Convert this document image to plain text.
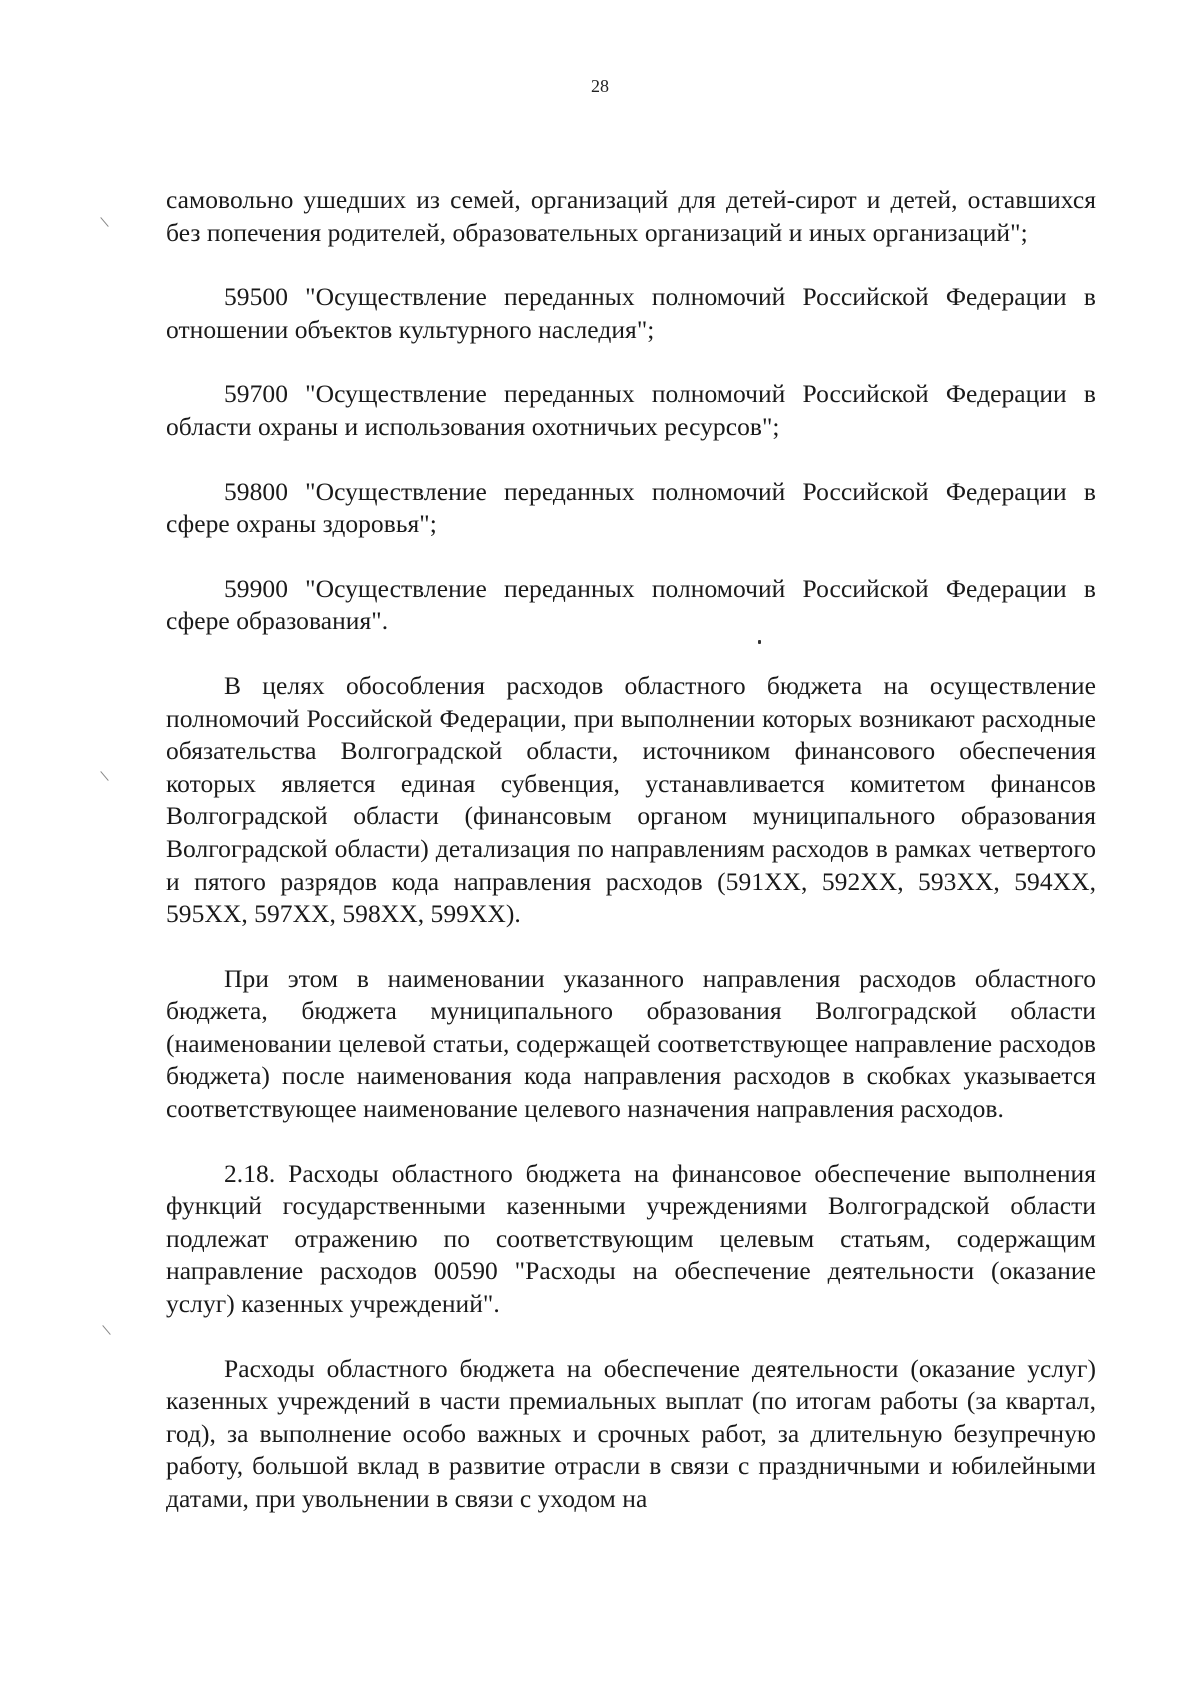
28

самовольно ушедших из семей, организаций для детей-сирот и детей, оставшихся без попечения родителей, образовательных организаций и иных организаций";

59500 "Осуществление переданных полномочий Российской Федерации в отношении объектов культурного наследия";

59700 "Осуществление переданных полномочий Российской Федерации в области охраны и использования охотничьих ресурсов";

59800 "Осуществление переданных полномочий Российской Федерации в сфере охраны здоровья";

59900 "Осуществление переданных полномочий Российской Федерации в сфере образования".

В целях обособления расходов областного бюджета на осуществление полномочий Российской Федерации, при выполнении которых возникают расходные обязательства Волгоградской области, источником финансового обеспечения которых является единая субвенция, устанавливается комитетом финансов Волгоградской области (финансовым органом муниципального образования Волгоградской области) детализация по направлениям расходов в рамках четвертого и пятого разрядов кода направления расходов (591XX, 592XX, 593XX, 594XX, 595XX, 597XX, 598XX, 599XX).

При этом в наименовании указанного направления расходов областного бюджета, бюджета муниципального образования Волгоградской области (наименовании целевой статьи, содержащей соответствующее направление расходов бюджета) после наименования кода направления расходов в скобках указывается соответствующее наименование целевого назначения направления расходов.

2.18. Расходы областного бюджета на финансовое обеспечение выполнения функций государственными казенными учреждениями Волгоградской области подлежат отражению по соответствующим целевым статьям, содержащим направление расходов 00590 "Расходы на обеспечение деятельности (оказание услуг) казенных учреждений".

Расходы областного бюджета на обеспечение деятельности (оказание услуг) казенных учреждений в части премиальных выплат (по итогам работы (за квартал, год), за выполнение особо важных и срочных работ, за длительную безупречную работу, большой вклад в развитие отрасли в связи с праздничными и юбилейными датами, при увольнении в связи с уходом на
